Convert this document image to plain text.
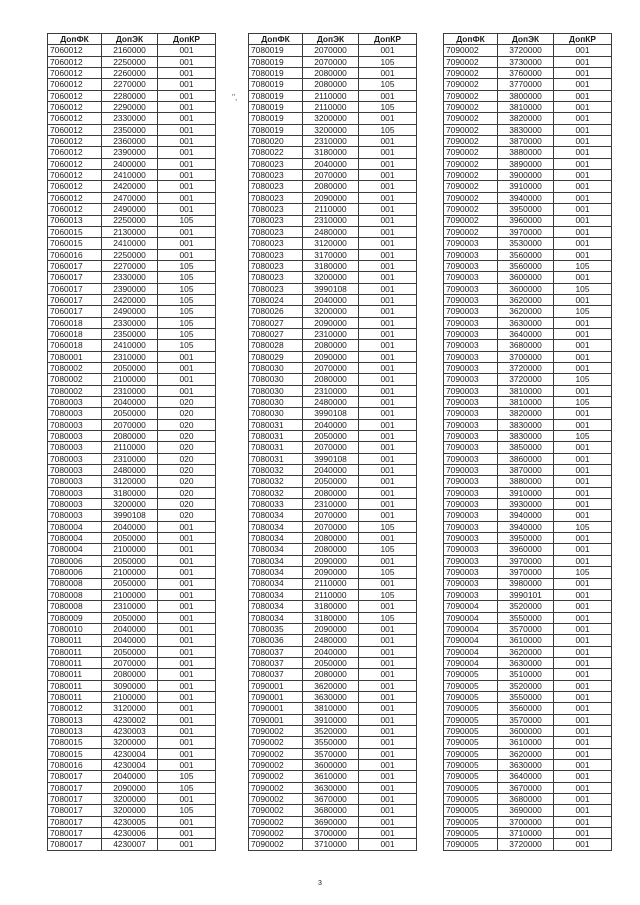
ДопФК	ДопЭК	ДопКР
7060012	2160000	001
7060012	2250000	001
7060012	2260000	001
7060012	2270000	001
7060012	2280000	001
7060012	2290000	001
7060012	2330000	001
7060012	2350000	001
7060012	2360000	001
7060012	2390000	001
7060012	2400000	001
7060012	2410000	001
7060012	2420000	001
7060012	2470000	001
7060012	2490000	001
7060013	2250000	105
7060015	2130000	001
7060015	2410000	001
7060016	2250000	001
7060017	2270000	105
7060017	2330000	105
7060017	2390000	105
7060017	2420000	105
7060017	2490000	105
7060018	2330000	105
7060018	2350000	105
7060018	2410000	105
7080001	2310000	001
7080002	2050000	001
7080002	2100000	001
7080002	2310000	001
7080003	2040000	020
7080003	2050000	020
7080003	2070000	020
7080003	2080000	020
7080003	2110000	020
7080003	2310000	020
7080003	2480000	020
7080003	3120000	020
7080003	3180000	020
7080003	3200000	020
7080003	3990108	020
7080004	2040000	001
7080004	2050000	001
7080004	2100000	001
7080006	2050000	001
7080006	2100000	001
7080008	2050000	001
7080008	2100000	001
7080008	2310000	001
7080009	2050000	001
7080010	2040000	001
7080011	2040000	001
7080011	2050000	001
7080011	2070000	001
7080011	2080000	001
7080011	3090000	001
7080011	2100000	001
7080012	3120000	001
7080013	4230002	001
7080013	4230003	001
7080015	3200000	001
7080015	4230004	001
7080016	4230004	001
7080017	2040000	105
7080017	2090000	105
7080017	3200000	001
7080017	3200000	105
7080017	4230005	001
7080017	4230006	001
7080017	4230007	001
ДопФК	ДопЭК	ДопКР
7080019	2070000	001
7080019	2070000	105
7080019	2080000	001
7080019	2080000	105
7080019	2110000	001
7080019	2110000	105
7080019	3200000	001
7080019	3200000	105
7080020	2310000	001
7080022	3180000	001
7080023	2040000	001
7080023	2070000	001
7080023	2080000	001
7080023	2090000	001
7080023	2110000	001
7080023	2310000	001
7080023	2480000	001
7080023	3120000	001
7080023	3170000	001
7080023	3180000	001
7080023	3200000	001
7080023	3990108	001
7080024	2040000	001
7080026	3200000	001
7080027	2090000	001
7080027	2310000	001
7080028	2080000	001
7080029	2090000	001
7080030	2070000	001
7080030	2080000	001
7080030	2310000	001
7080030	2480000	001
7080030	3990108	001
7080031	2040000	001
7080031	2050000	001
7080031	2070000	001
7080031	3990108	001
7080032	2040000	001
7080032	2050000	001
7080032	2080000	001
7080033	2310000	001
7080034	2070000	001
7080034	2070000	105
7080034	2080000	001
7080034	2080000	105
7080034	2090000	001
7080034	2090000	105
7080034	2110000	001
7080034	2110000	105
7080034	3180000	001
7080034	3180000	105
7080035	2090000	001
7080036	2480000	001
7080037	2040000	001
7080037	2050000	001
7080037	2080000	001
7090001	3620000	001
7090001	3630000	001
7090001	3810000	001
7090001	3910000	001
7090002	3520000	001
7090002	3550000	001
7090002	3570000	001
7090002	3600000	001
7090002	3610000	001
7090002	3630000	001
7090002	3670000	001
7090002	3680000	001
7090002	3690000	001
7090002	3700000	001
7090002	3710000	001
ДопФК	ДопЭК	ДопКР
7090002	3720000	001
7090002	3730000	001
7090002	3760000	001
7090002	3770000	001
7090002	3800000	001
7090002	3810000	001
7090002	3820000	001
7090002	3830000	001
7090002	3870000	001
7090002	3880000	001
7090002	3890000	001
7090002	3900000	001
7090002	3910000	001
7090002	3940000	001
7090002	3950000	001
7090002	3960000	001
7090002	3970000	001
7090003	3530000	001
7090003	3560000	001
7090003	3560000	105
7090003	3600000	001
7090003	3600000	105
7090003	3620000	001
7090003	3620000	105
7090003	3630000	001
7090003	3640000	001
7090003	3680000	001
7090003	3700000	001
7090003	3720000	001
7090003	3720000	105
7090003	3810000	001
7090003	3810000	105
7090003	3820000	001
7090003	3830000	001
7090003	3830000	105
7090003	3850000	001
7090003	3860000	001
7090003	3870000	001
7090003	3880000	001
7090003	3910000	001
7090003	3930000	001
7090003	3940000	001
7090003	3940000	105
7090003	3950000	001
7090003	3960000	001
7090003	3970000	001
7090003	3970000	105
7090003	3980000	001
7090003	3990101	001
7090004	3520000	001
7090004	3550000	001
7090004	3570000	001
7090004	3610000	001
7090004	3620000	001
7090004	3630000	001
7090005	3510000	001
7090005	3520000	001
7090005	3550000	001
7090005	3560000	001
7090005	3570000	001
7090005	3600000	001
7090005	3610000	001
7090005	3620000	001
7090005	3630000	001
7090005	3640000	001
7090005	3670000	001
7090005	3680000	001
7090005	3690000	001
7090005	3700000	001
7090005	3710000	001
7090005	3720000	001
'',
3
